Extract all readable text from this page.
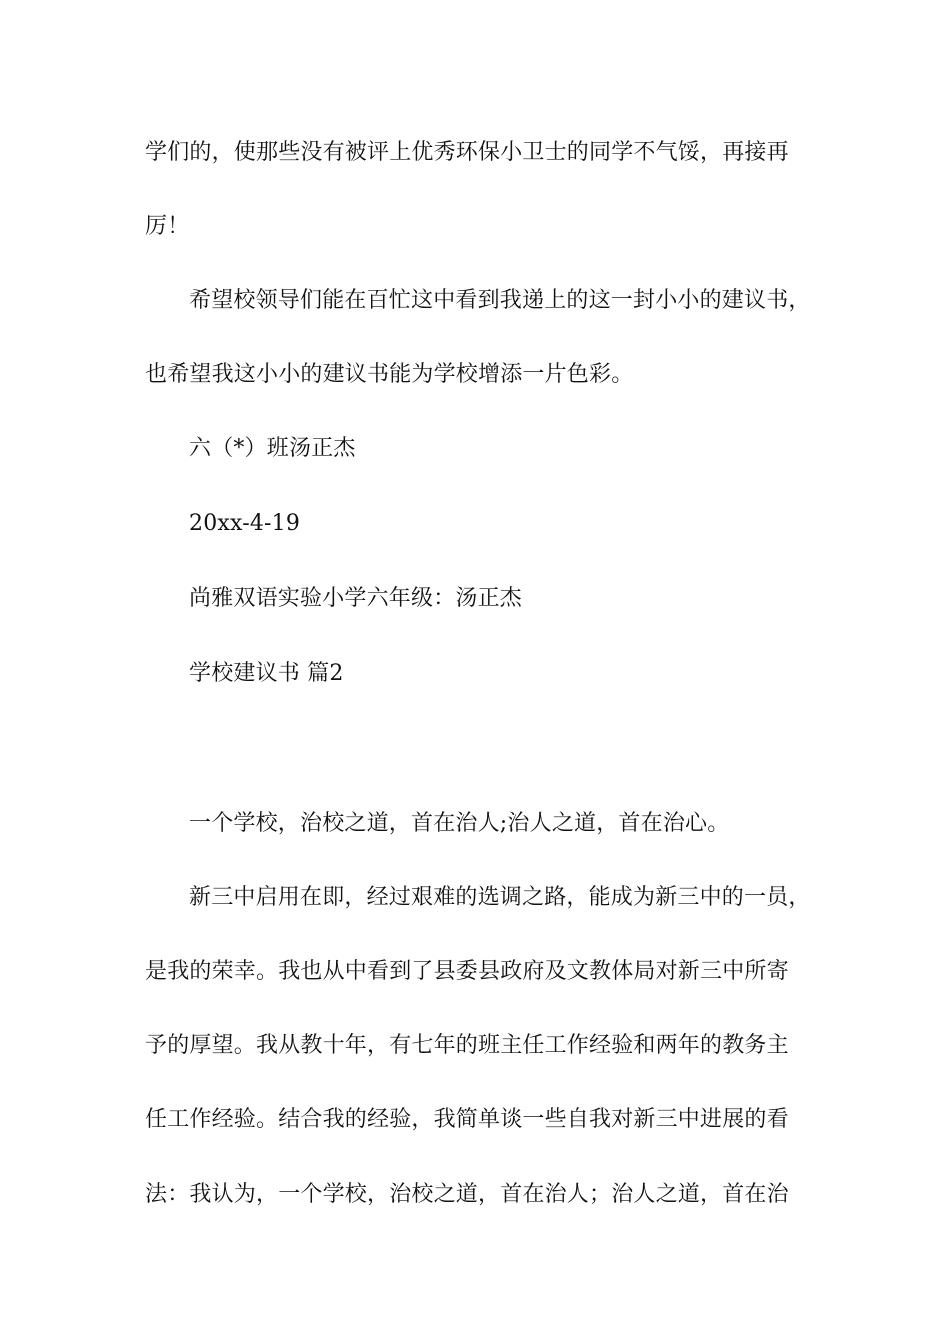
学们的，使那些没有被评上优秀环保小卫士的同学不气馁，再接再
厉！
希望校领导们能在百忙这中看到我递上的这一封小小的建议书，
也希望我这小小的建议书能为学校增添一片色彩。
六（*）班汤正杰
20xx-4-19
尚雅双语实验小学六年级：汤正杰
学校建议书 篇2
一个学校，治校之道，首在治人;治人之道，首在治心。
新三中启用在即，经过艰难的选调之路，能成为新三中的一员，
是我的荣幸。我也从中看到了县委县政府及文教体局对新三中所寄
予的厚望。我从教十年，有七年的班主任工作经验和两年的教务主
任工作经验。结合我的经验，我简单谈一些自我对新三中进展的看
法：我认为，一个学校，治校之道，首在治人；治人之道，首在治
